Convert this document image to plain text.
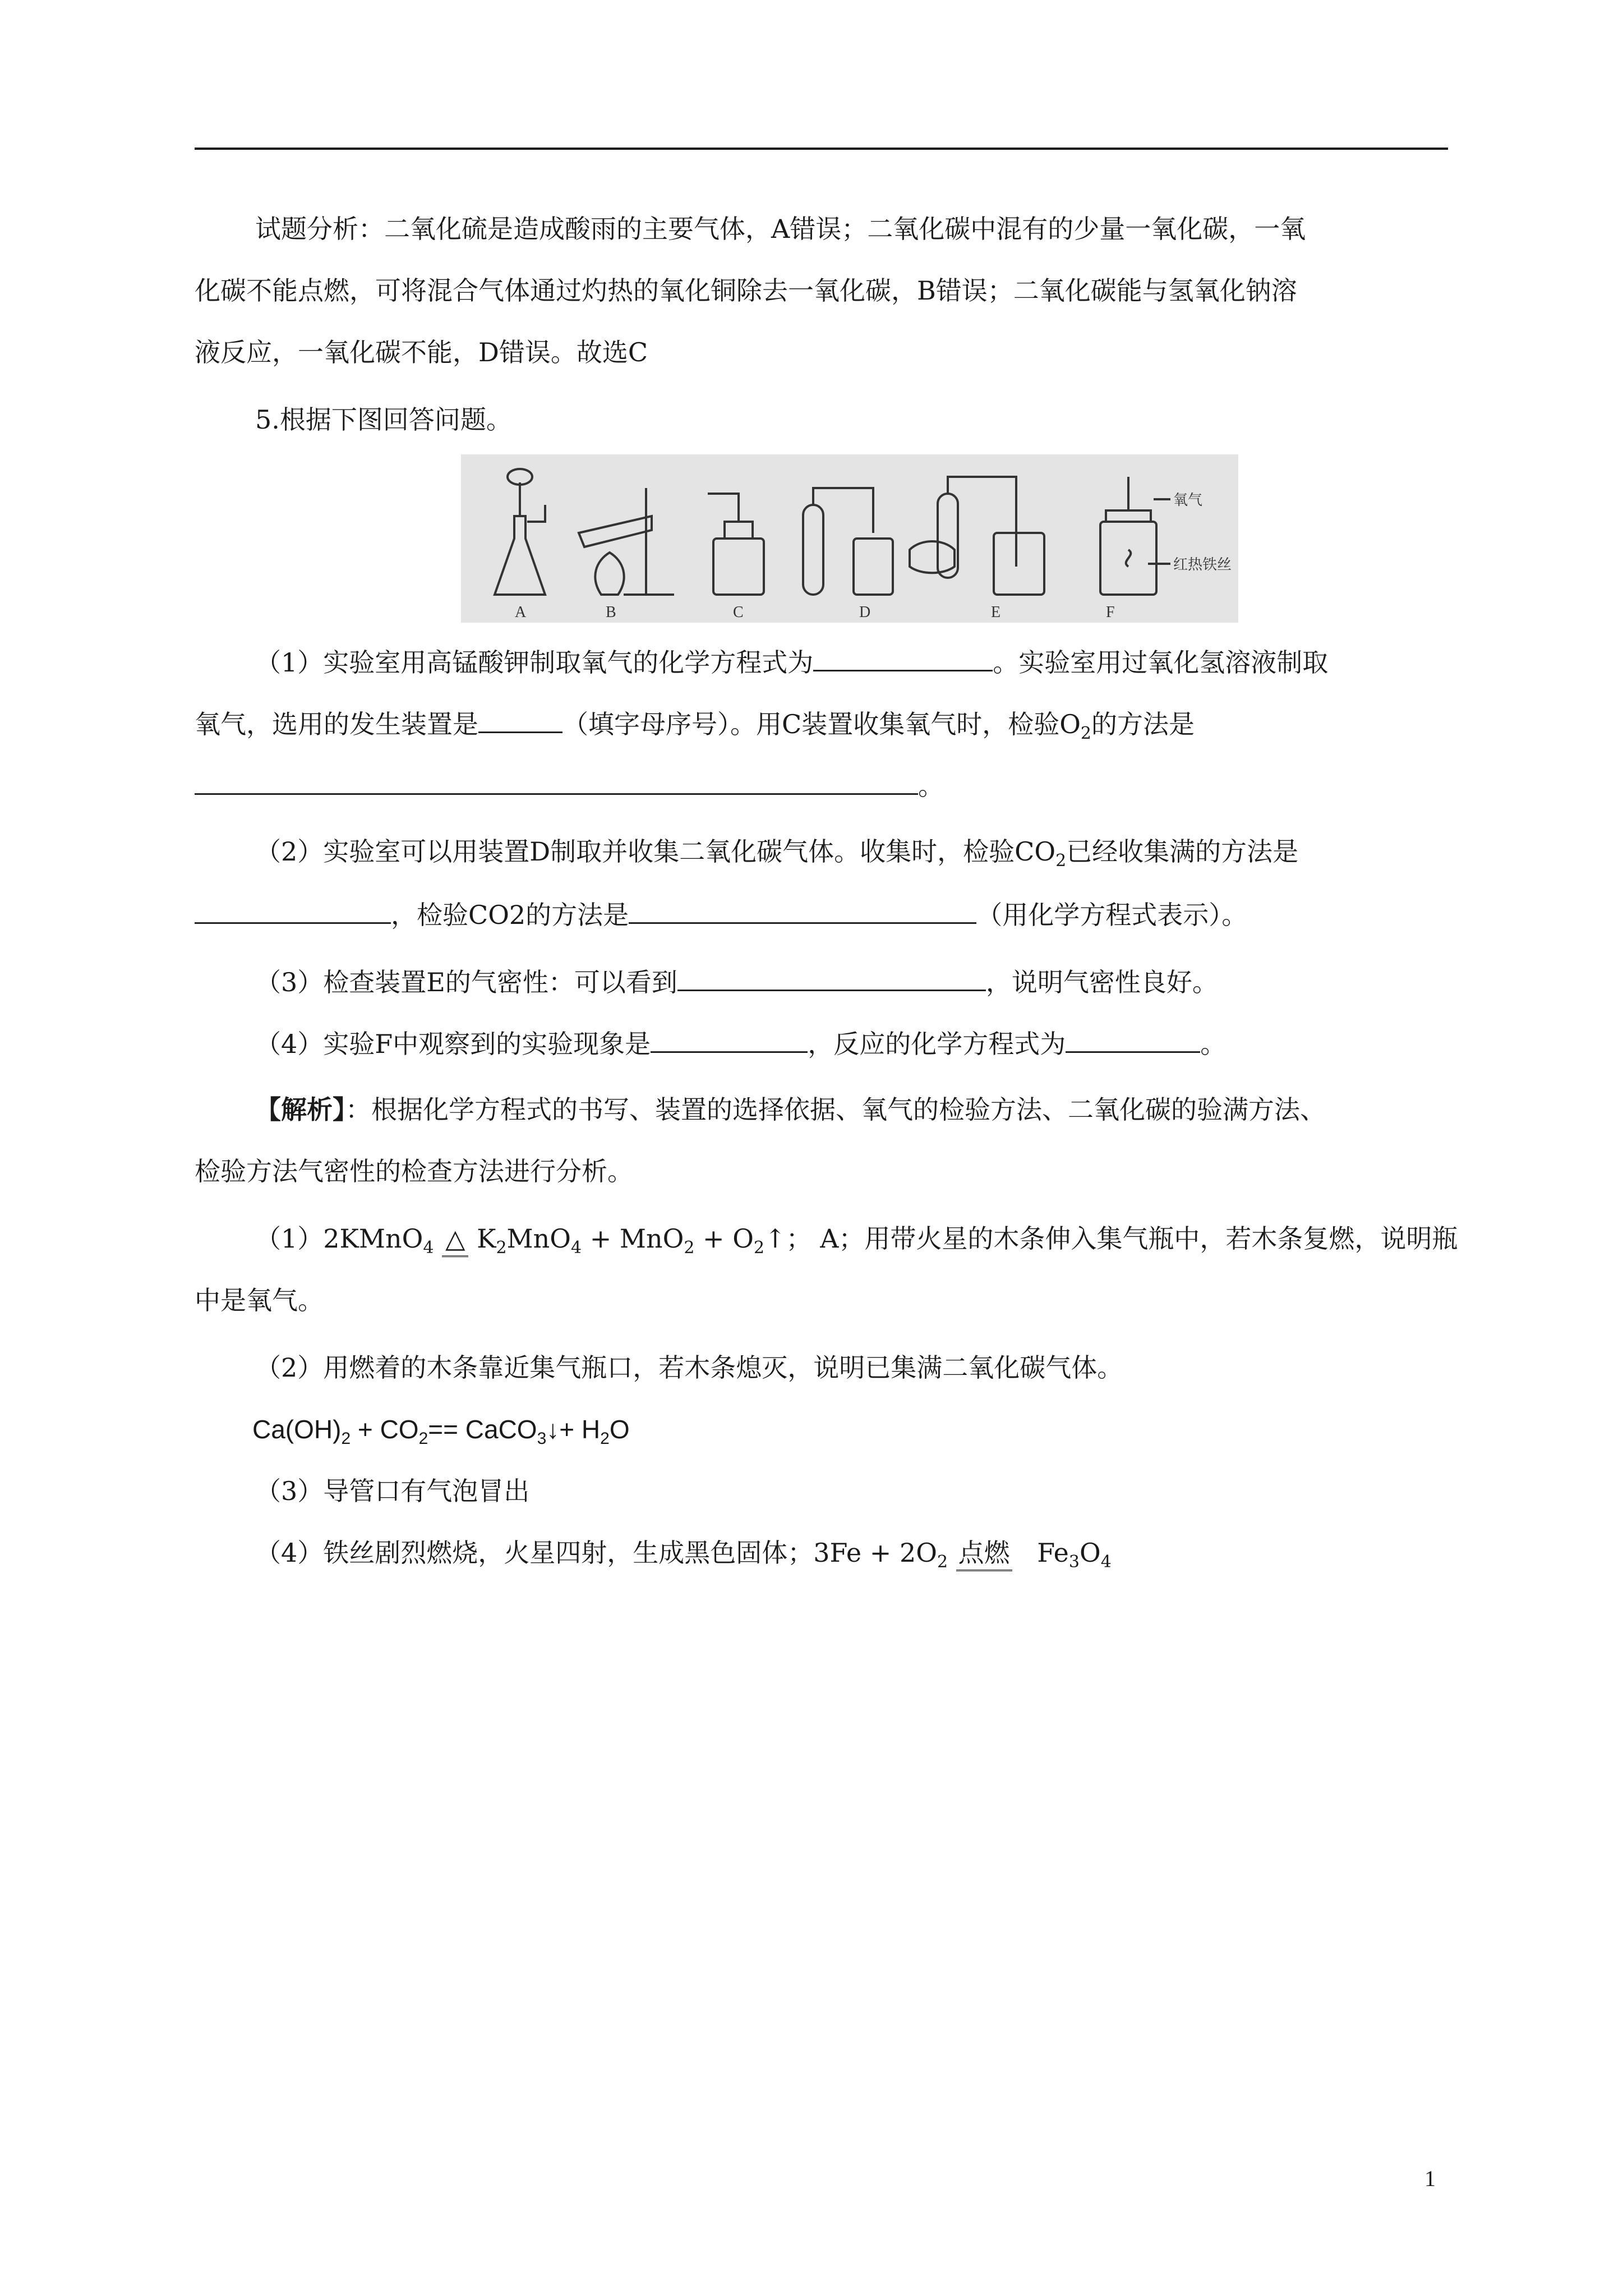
试题分析：二氧化硫是造成酸雨的主要气体，A错误；二氧化碳中混有的少量一氧化碳，一氧
化碳不能点燃，可将混合气体通过灼热的氧化铜除去一氧化碳，B错误；二氧化碳能与氢氧化钠溶
液反应，一氧化碳不能，D错误。故选C
5.根据下图回答问题。
A	B	C	D	E	F
氧气
红热铁丝
（1）实验室用高锰酸钾制取氧气的化学方程式为	。实验室用过氧化氢溶液制取
氧气，选用的发生装置是	（填字母序号）。用C装置收集氧气时，检验$O_2$的方法是
。
（2）实验室可以用装置D制取并收集二氧化碳气体。收集时，检验$CO_2$已经收集满的方法是
，检验CO2的方法是	（用化学方程式表示）。
（3）检查装置E的气密性：可以看到	，说明气密性良好。
（4）实验F中观察到的实验现象是	，反应的化学方程式为	。
【解析】：根据化学方程式的书写、装置的选择依据、氧气的检验方法、二氧化碳的验满方法、
检验方法气密性的检查方法进行分析。
（1）2KMnO$_4$ △ $K_2MnO_4 + MnO_2$ + $O_2↑$； A；用带火星的木条伸入集气瓶中，若木条复燃，说明瓶
中是氧气。
（2）用燃着的木条靠近集气瓶口，若木条熄灭，说明已集满二氧化碳气体。
$Ca(OH)_2 + CO_2==$ CaCO$_3$↓+ $H_2O$
（3）导管口有气泡冒出
（4）铁丝剧烈燃烧，火星四射，生成黑色固体；$3Fe + 2O_2$ 点燃 $Fe_3O_4$
1
